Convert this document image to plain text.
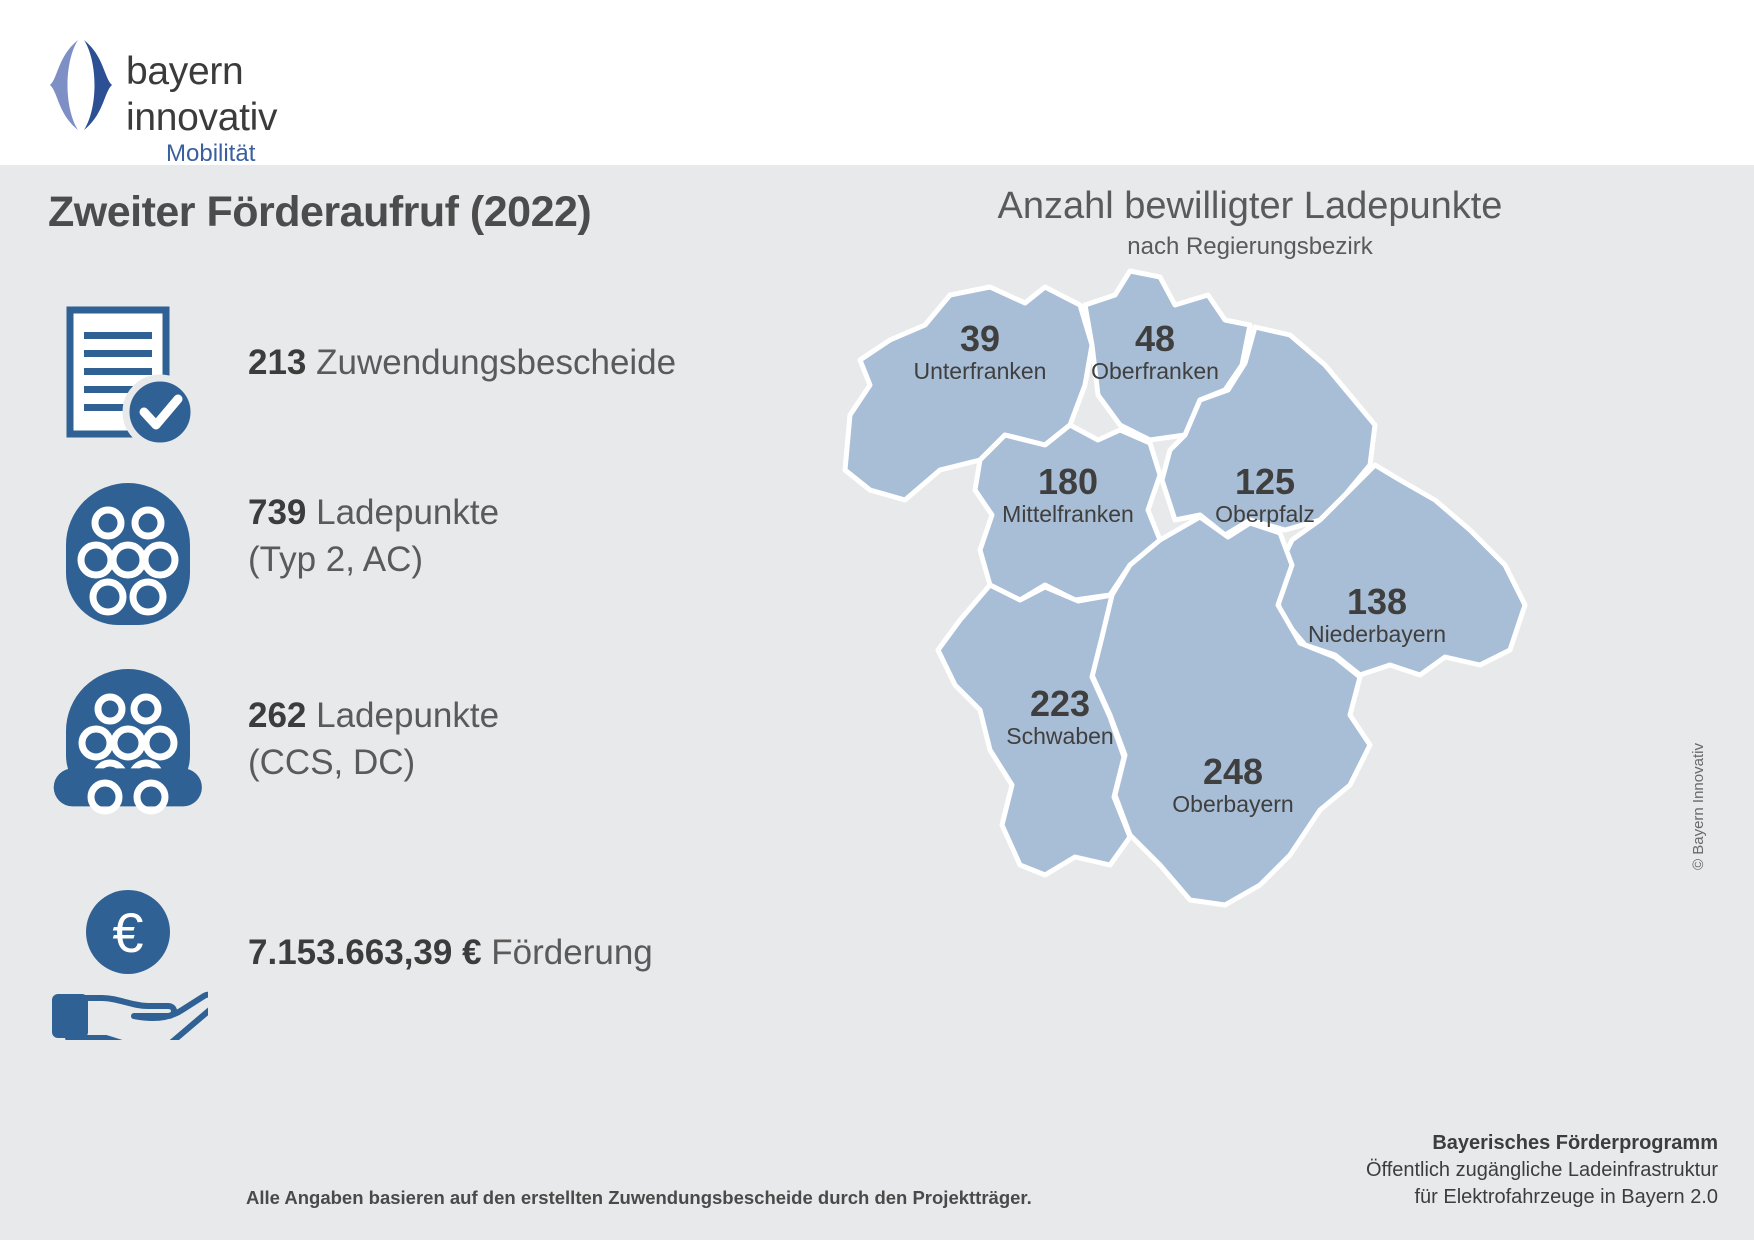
bayern
innovativ
Mobilität
Zweiter Förderaufruf (2022)
213 Zuwendungsbescheide
739 Ladepunkte
(Typ 2, AC)
262 Ladepunkte
(CCS, DC)
€	7.153.663,39 € Förderung
Alle Angaben basieren auf den erstellten Zuwendungsbescheide durch den Projektträger.
Anzahl bewilligter Ladepunkte
nach Regierungsbezirk
39
Unterfranken
48
Oberfranken
125
Oberpfalz
180
Mittelfranken
138
Niederbayern
223
Schwaben
248
Oberbayern	© Bayern Innovativ
Bayerisches Förderprogramm
Öffentlich zugängliche Ladeinfrastruktur
für Elektrofahrzeuge in Bayern 2.0
